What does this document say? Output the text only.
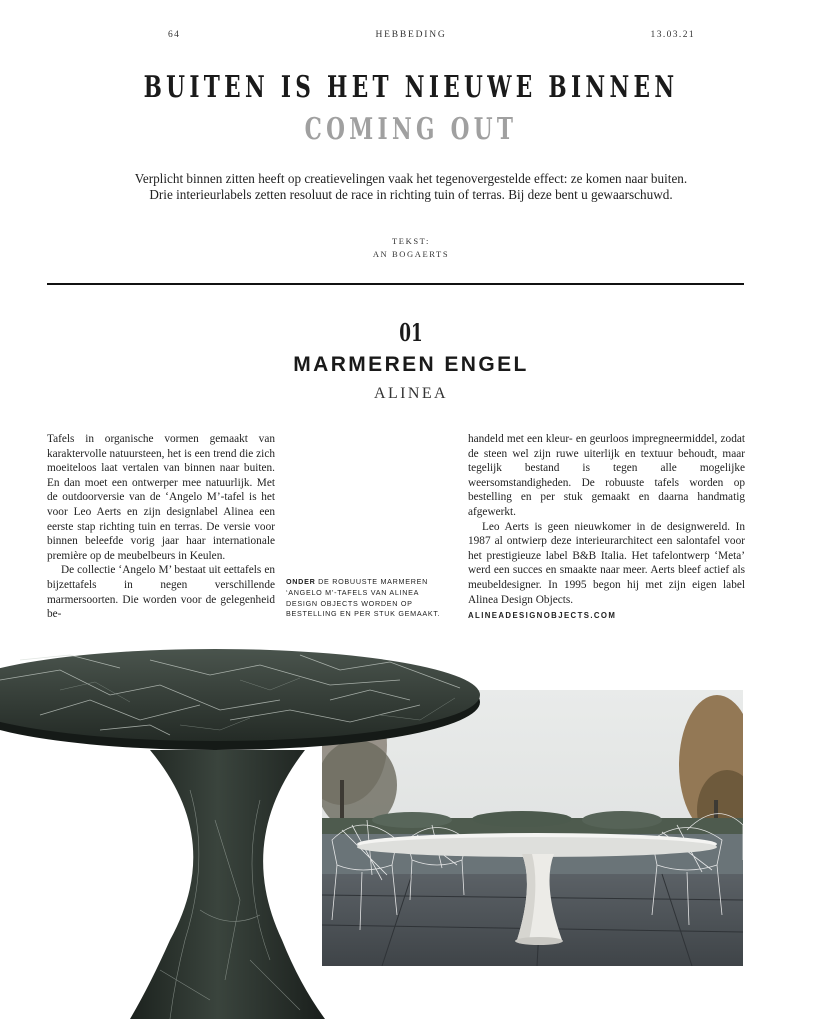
64	HEBBEDING	13.03.21
BUITEN IS HET NIEUWE BINNEN
COMING OUT
Verplicht binnen zitten heeft op creatievelingen vaak het tegenovergestelde effect: ze komen naar buiten.
Drie interieurlabels zetten resoluut de race in richting tuin of terras. Bij deze bent u gewaarschuwd.
TEKST:
AN BOGAERTS
01
MARMEREN ENGEL
ALINEA

Tafels in organische vormen gemaakt van karaktervolle natuursteen, het is een trend die zich moeiteloos laat vertalen van binnen naar buiten. En dan moet een ontwerper mee natuurlijk. Met de outdoorversie van de ‘Angelo M’-tafel is het voor Leo Aerts en zijn designlabel Alinea een eerste stap richting tuin en terras. De versie voor binnen beleefde vorig jaar haar internationale première op de meubelbeurs in Keulen.

De collectie ‘Angelo M’ bestaat uit eettafels en bijzettafels in negen verschillende marmersoorten. Die worden voor de gelegenheid be-

ONDER DE ROBUUSTE MARMEREN ‘ANGELO M’-TAFELS VAN ALINEA DESIGN OBJECTS WORDEN OP BESTELLING EN PER STUK GEMAAKT.

handeld met een kleur- en geurloos impregneermiddel, zodat de steen wel zijn ruwe uiterlijk en textuur behoudt, maar tegelijk bestand is tegen alle mogelijke weersomstandigheden. De robuuste tafels worden op bestelling en per stuk gemaakt en daarna handmatig afgewerkt.

Leo Aerts is geen nieuwkomer in de designwereld. In 1987 al ontwierp deze interieurarchitect een salontafel voor het prestigieuze label B&B Italia. Het tafelontwerp ‘Meta’ werd een succes en smaakte naar meer. Aerts bleef actief als meubeldesigner. In 1995 begon hij met zijn eigen label Alinea Design Objects.

ALINEADESIGNOBJECTS.COM
